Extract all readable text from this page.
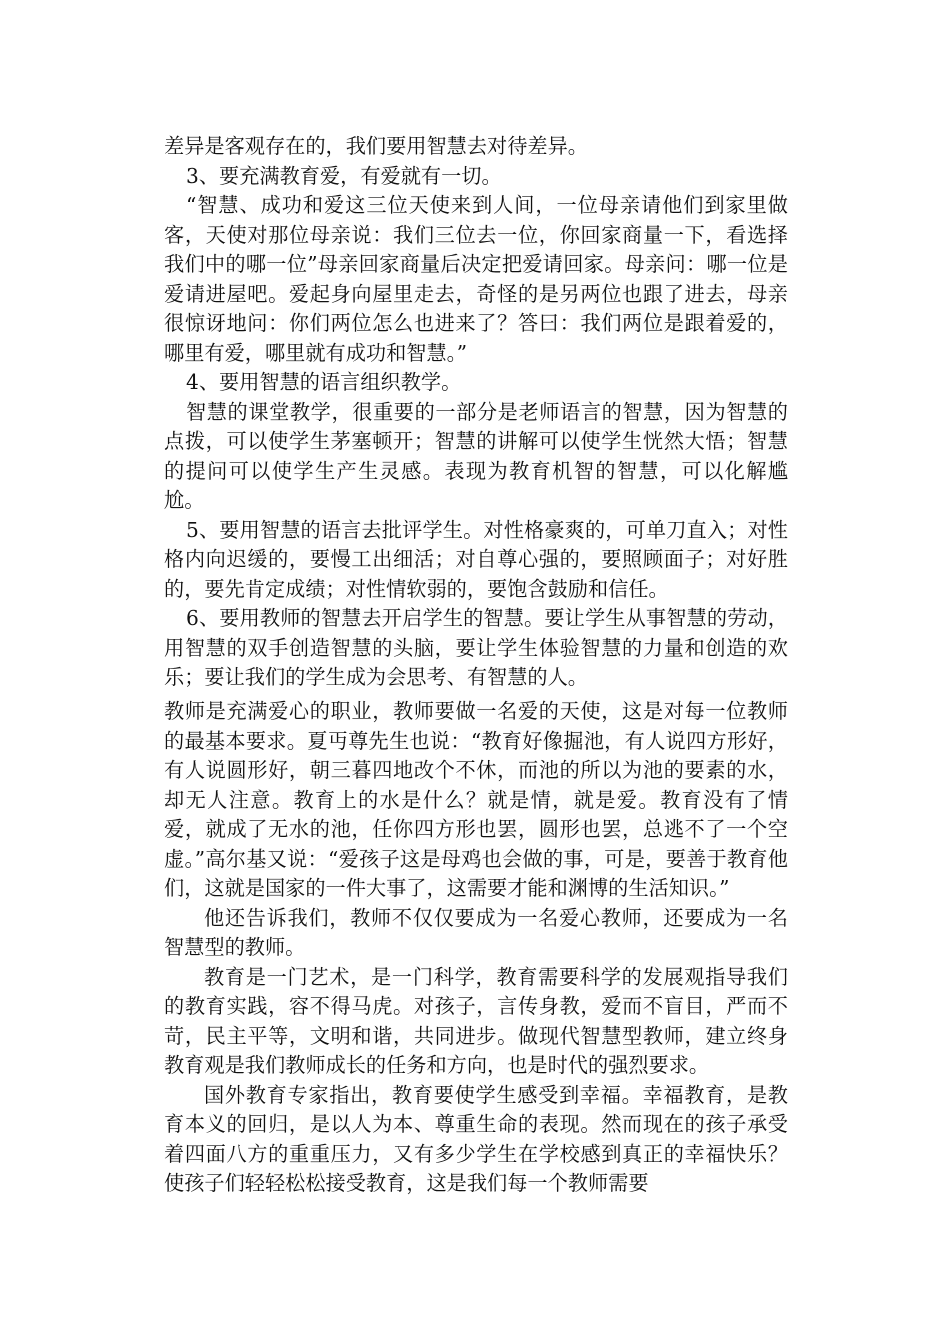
差异是客观存在的，我们要用智慧去对待差异。

3、要充满教育爱，有爱就有一切。

“智慧、成功和爱这三位天使来到人间，一位母亲请他们到家里做客，天使对那位母亲说：我们三位去一位，你回家商量一下，看选择我们中的哪一位”母亲回家商量后决定把爱请回家。母亲问：哪一位是爱请进屋吧。爱起身向屋里走去，奇怪的是另两位也跟了进去，母亲很惊讶地问：你们两位怎么也进来了？答曰：我们两位是跟着爱的，哪里有爱，哪里就有成功和智慧。”

4、要用智慧的语言组织教学。

智慧的课堂教学，很重要的一部分是老师语言的智慧，因为智慧的点拨，可以使学生茅塞顿开；智慧的讲解可以使学生恍然大悟；智慧的提问可以使学生产生灵感。表现为教育机智的智慧，可以化解尴尬。

5、要用智慧的语言去批评学生。对性格豪爽的，可单刀直入；对性格内向迟缓的，要慢工出细活；对自尊心强的，要照顾面子；对好胜的，要先肯定成绩；对性情软弱的，要饱含鼓励和信任。

6、要用教师的智慧去开启学生的智慧。要让学生从事智慧的劳动，用智慧的双手创造智慧的头脑，要让学生体验智慧的力量和创造的欢乐；要让我们的学生成为会思考、有智慧的人。

教师是充满爱心的职业，教师要做一名爱的天使，这是对每一位教师的最基本要求。夏丏尊先生也说：“教育好像掘池，有人说四方形好，有人说圆形好，朝三暮四地改个不休，而池的所以为池的要素的水，却无人注意。教育上的水是什么？就是情，就是爱。教育没有了情爱，就成了无水的池，任你四方形也罢，圆形也罢，总逃不了一个空虚。”高尔基又说：“爱孩子这是母鸡也会做的事，可是，要善于教育他们，这就是国家的一件大事了，这需要才能和渊博的生活知识。”

他还告诉我们，教师不仅仅要成为一名爱心教师，还要成为一名智慧型的教师。

教育是一门艺术，是一门科学，教育需要科学的发展观指导我们的教育实践，容不得马虎。对孩子，言传身教，爱而不盲目，严而不苛，民主平等，文明和谐，共同进步。做现代智慧型教师，建立终身教育观是我们教师成长的任务和方向，也是时代的强烈要求。

国外教育专家指出，教育要使学生感受到幸福。幸福教育，是教育本义的回归，是以人为本、尊重生命的表现。然而现在的孩子承受着四面八方的重重压力，又有多少学生在学校感到真正的幸福快乐？使孩子们轻轻松松接受教育，这是我们每一个教师需要
